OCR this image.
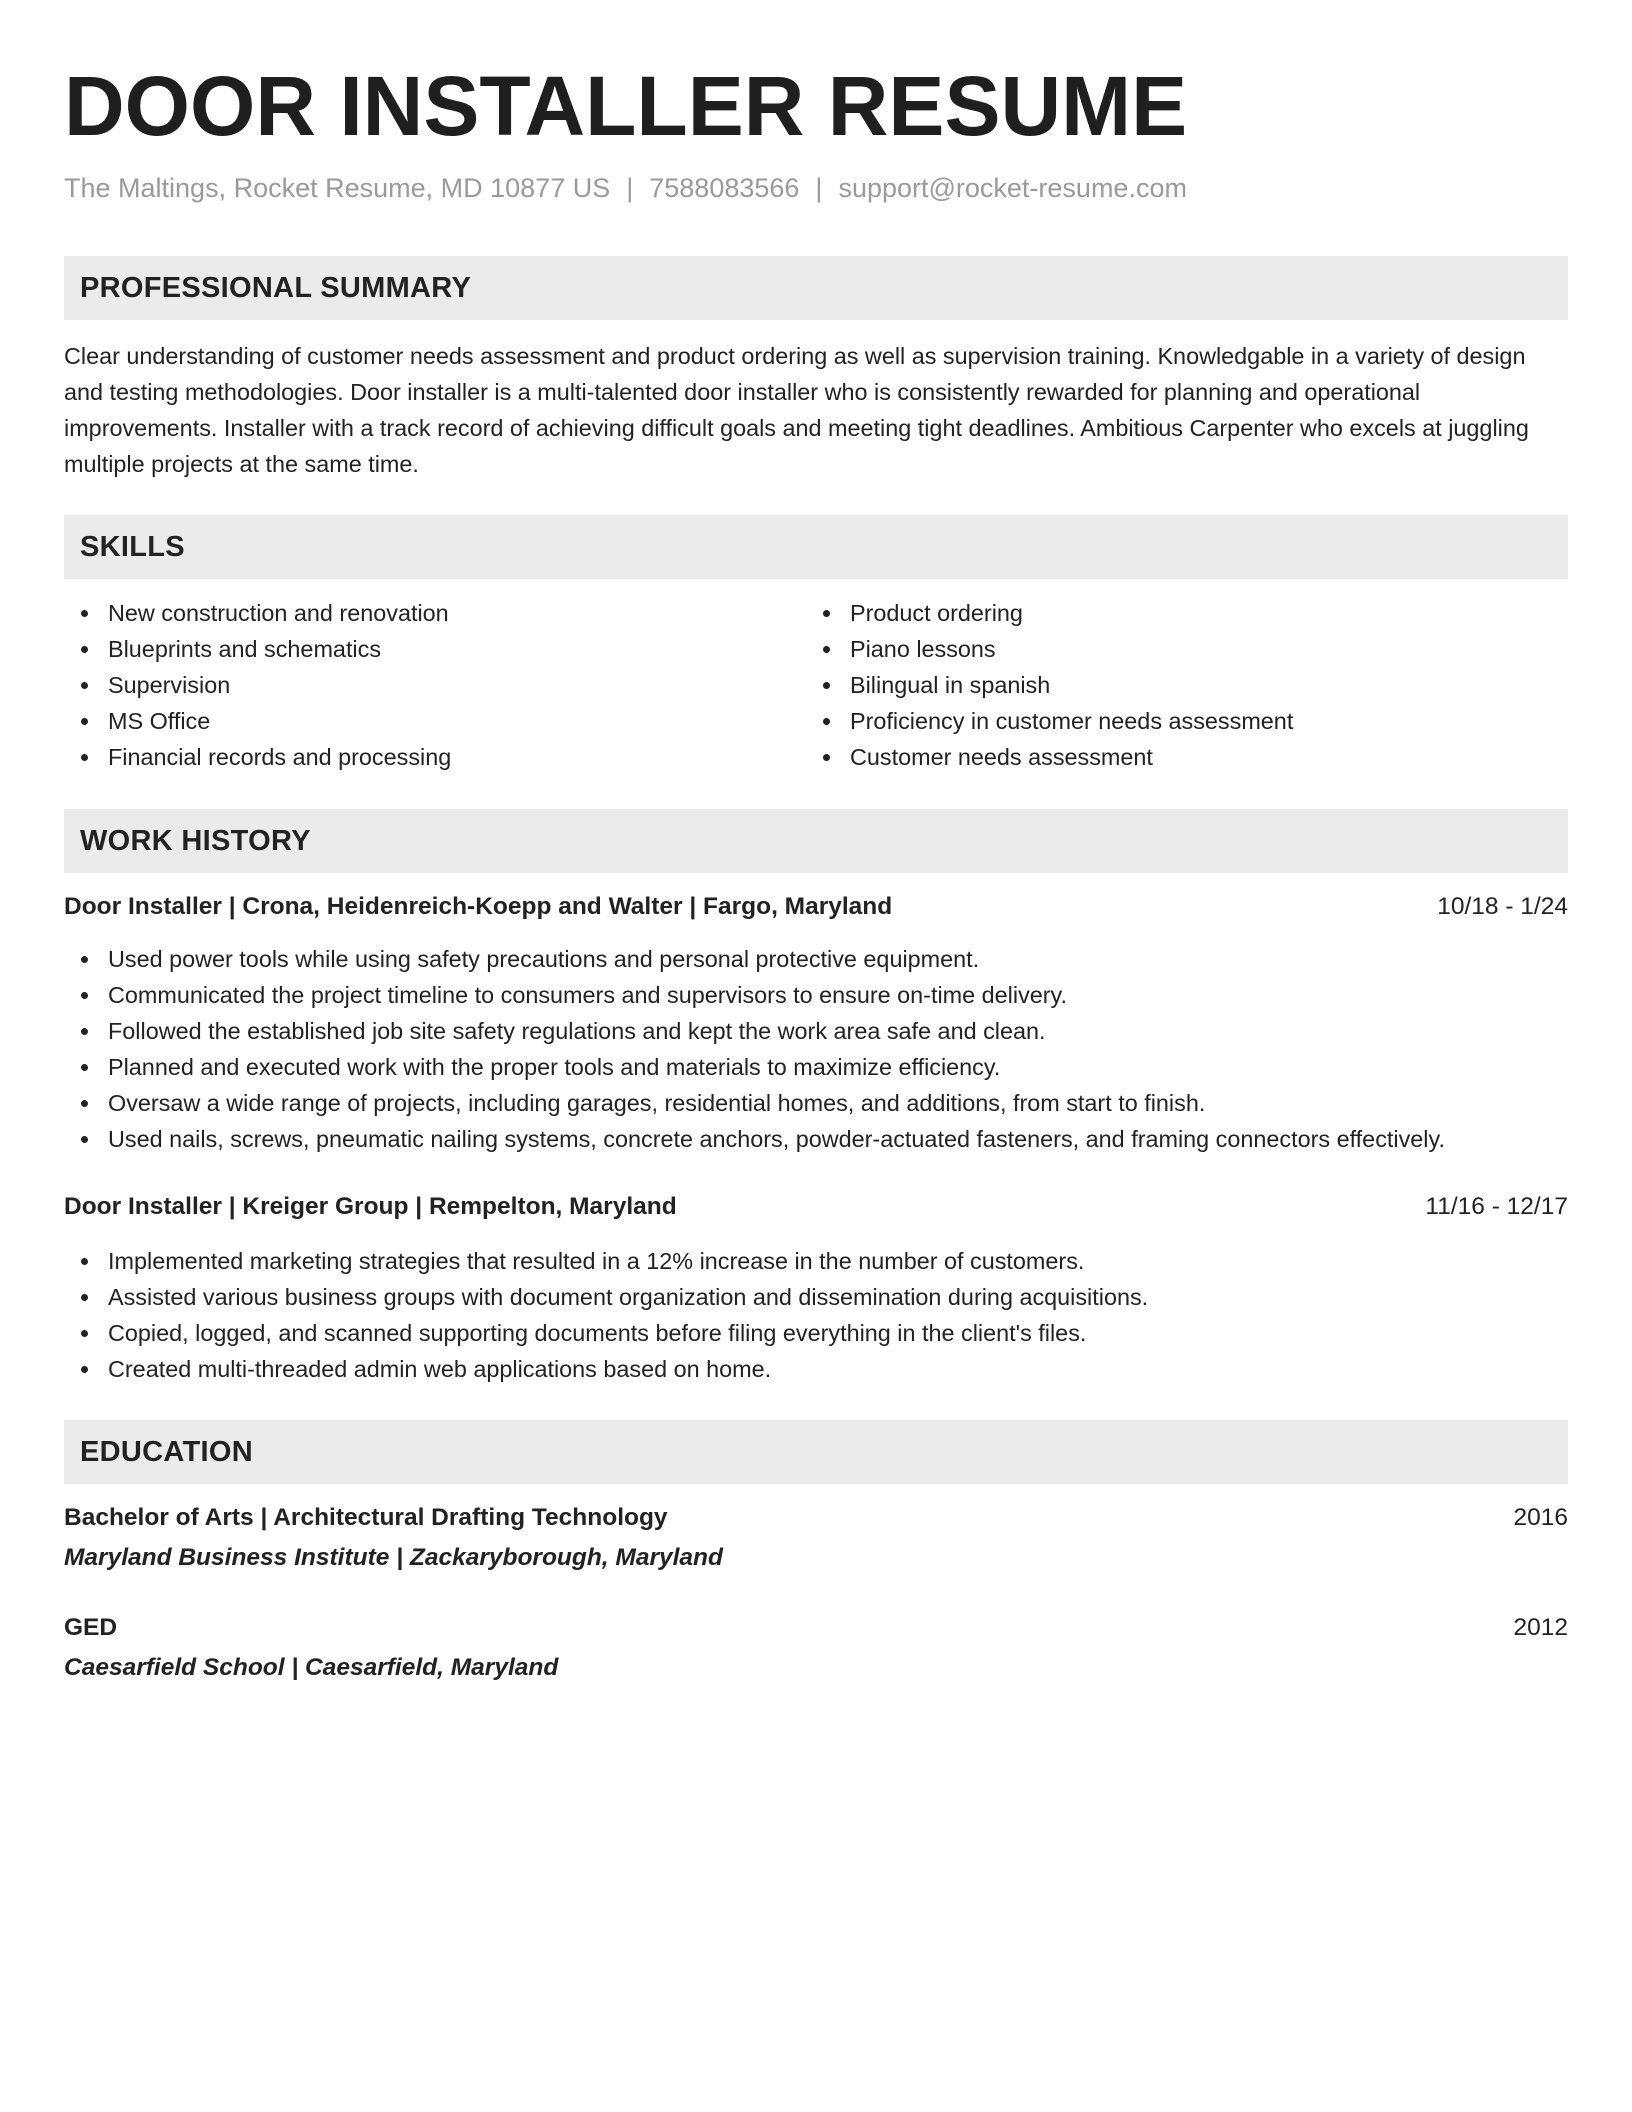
DOOR INSTALLER RESUME
The Maltings, Rocket Resume, MD 10877 US | 7588083566 | support@rocket-resume.com
PROFESSIONAL SUMMARY
Clear understanding of customer needs assessment and product ordering as well as supervision training. Knowledgable in a variety of design and testing methodologies. Door installer is a multi-talented door installer who is consistently rewarded for planning and operational improvements. Installer with a track record of achieving difficult goals and meeting tight deadlines. Ambitious Carpenter who excels at juggling multiple projects at the same time.
SKILLS
New construction and renovation
Blueprints and schematics
Supervision
MS Office
Financial records and processing
Product ordering
Piano lessons
Bilingual in spanish
Proficiency in customer needs assessment
Customer needs assessment
WORK HISTORY
Door Installer | Crona, Heidenreich-Koepp and Walter | Fargo, Maryland	10/18 - 1/24
Used power tools while using safety precautions and personal protective equipment.
Communicated the project timeline to consumers and supervisors to ensure on-time delivery.
Followed the established job site safety regulations and kept the work area safe and clean.
Planned and executed work with the proper tools and materials to maximize efficiency.
Oversaw a wide range of projects, including garages, residential homes, and additions, from start to finish.
Used nails, screws, pneumatic nailing systems, concrete anchors, powder-actuated fasteners, and framing connectors effectively.
Door Installer | Kreiger Group | Rempelton, Maryland	11/16 - 12/17
Implemented marketing strategies that resulted in a 12% increase in the number of customers.
Assisted various business groups with document organization and dissemination during acquisitions.
Copied, logged, and scanned supporting documents before filing everything in the client's files.
Created multi-threaded admin web applications based on home.
EDUCATION
Bachelor of Arts | Architectural Drafting Technology	2016
Maryland Business Institute | Zackaryborough, Maryland
GED	2012
Caesarfield School | Caesarfield, Maryland
